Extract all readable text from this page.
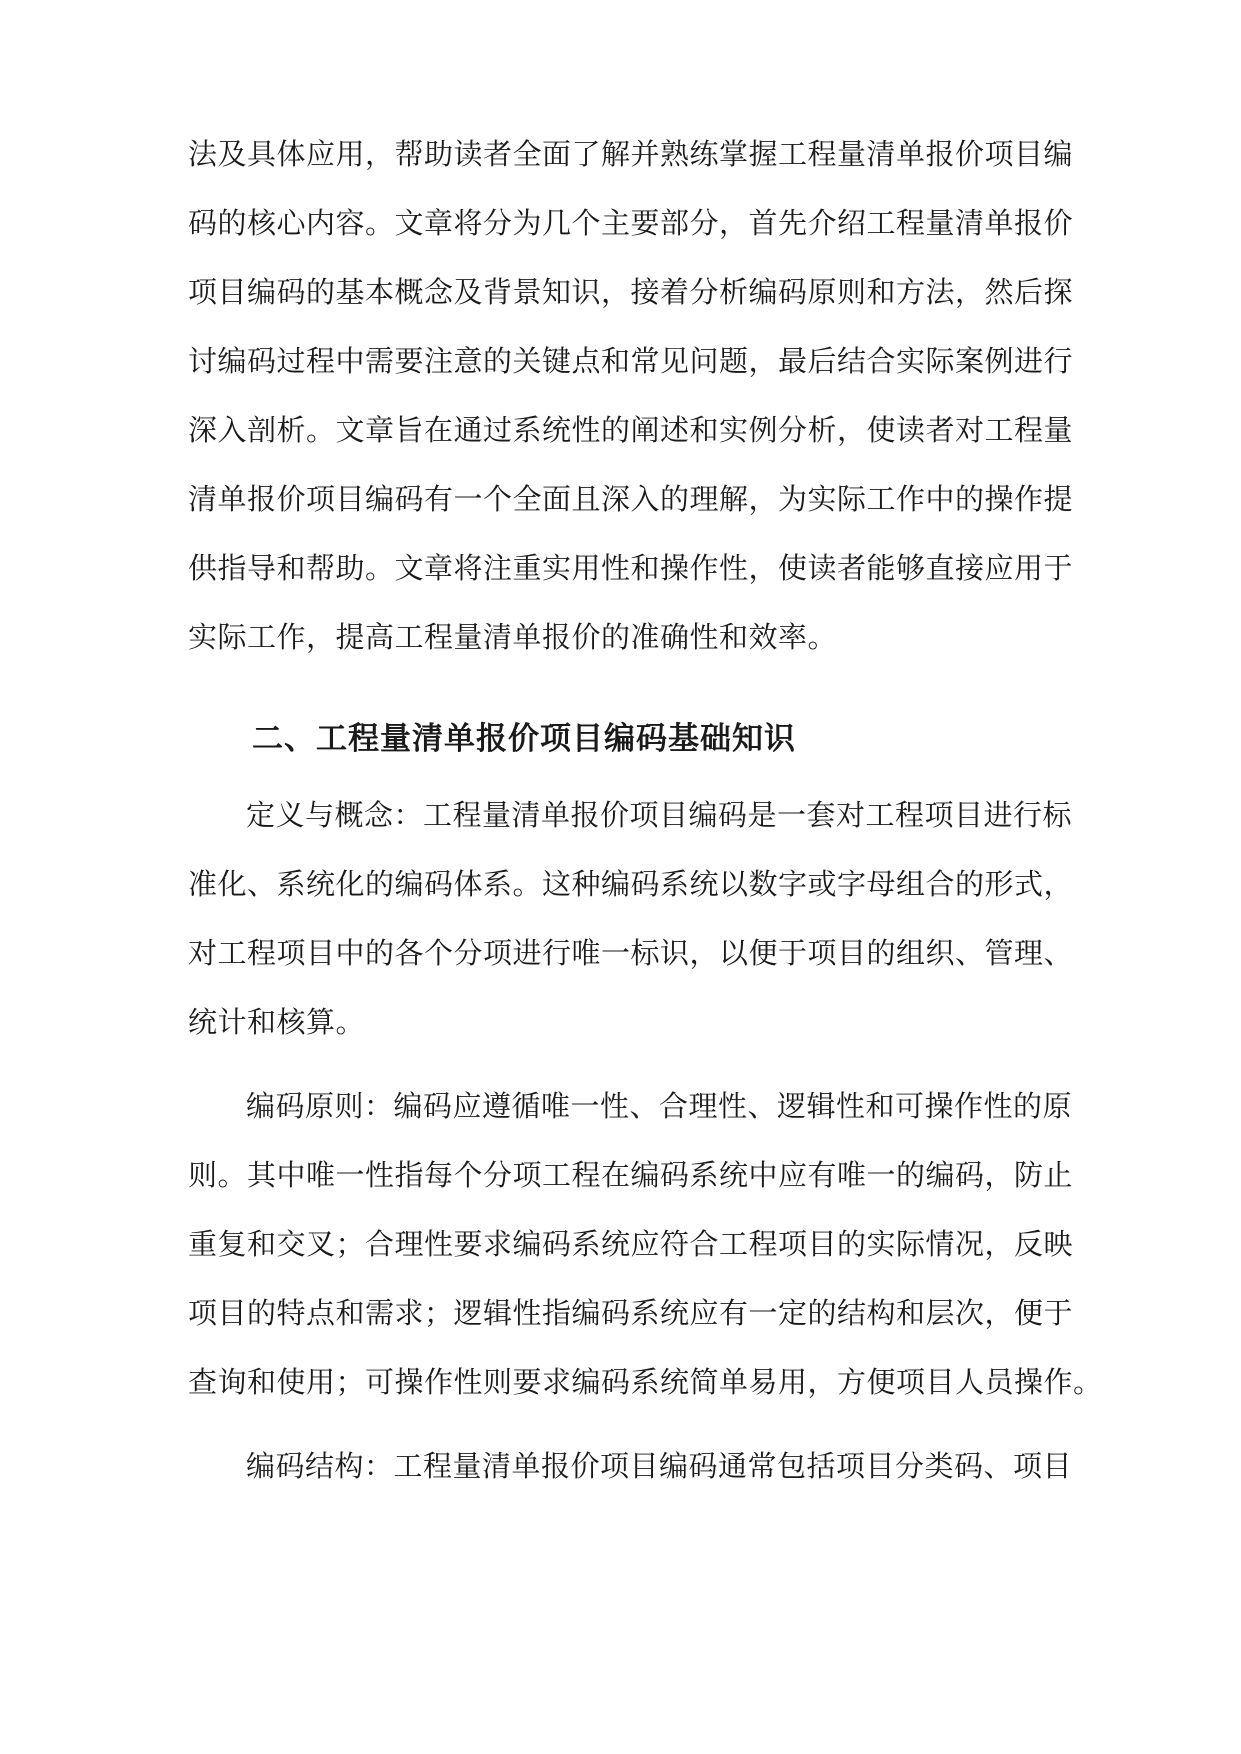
法及具体应用，帮助读者全面了解并熟练掌握工程量清单报价项目编
码的核心内容。文章将分为几个主要部分，首先介绍工程量清单报价
项目编码的基本概念及背景知识，接着分析编码原则和方法，然后探
讨编码过程中需要注意的关键点和常见问题，最后结合实际案例进行
深入剖析。文章旨在通过系统性的阐述和实例分析，使读者对工程量
清单报价项目编码有一个全面且深入的理解，为实际工作中的操作提
供指导和帮助。文章将注重实用性和操作性，使读者能够直接应用于
实际工作，提高工程量清单报价的准确性和效率。
二、工程量清单报价项目编码基础知识
定义与概念：工程量清单报价项目编码是一套对工程项目进行标
准化、系统化的编码体系。这种编码系统以数字或字母组合的形式，
对工程项目中的各个分项进行唯一标识，以便于项目的组织、管理、
统计和核算。
编码原则：编码应遵循唯一性、合理性、逻辑性和可操作性的原
则。其中唯一性指每个分项工程在编码系统中应有唯一的编码，防止
重复和交叉；合理性要求编码系统应符合工程项目的实际情况，反映
项目的特点和需求；逻辑性指编码系统应有一定的结构和层次，便于
查询和使用；可操作性则要求编码系统简单易用，方便项目人员操作。
编码结构：工程量清单报价项目编码通常包括项目分类码、项目
